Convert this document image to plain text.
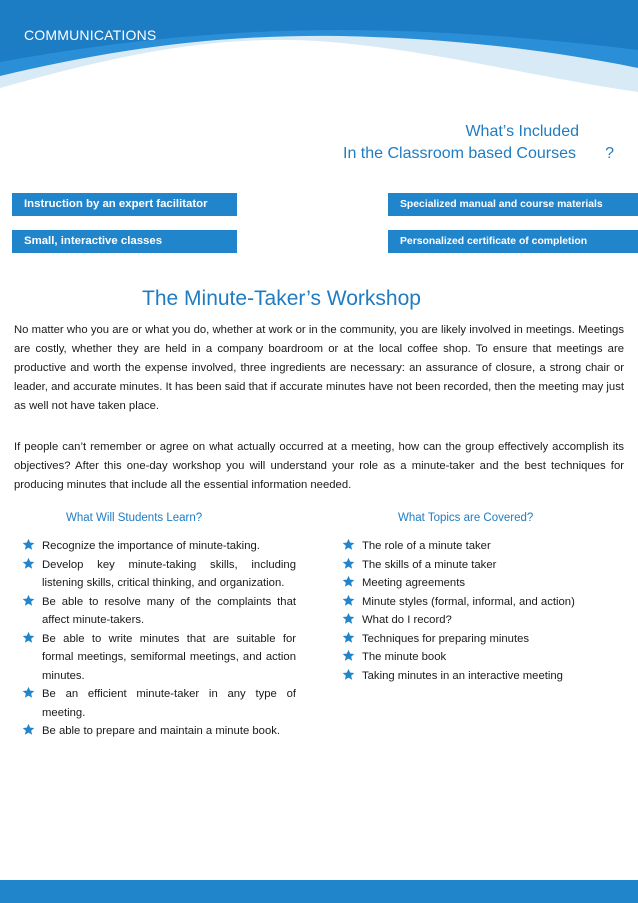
COMMUNICATIONS
What’s Included
In the Classroom based Courses	?
Instruction by an expert facilitator
Small, interactive classes
Specialized manual and course materials
Personalized certificate of completion
The Minute-Taker’s Workshop

No matter who you are or what you do, whether at work or in the community, you are likely involved in meetings. Meetings are costly, whether they are held in a company boardroom or at the local coffee shop. To ensure that meetings are productive and worth the expense involved, three ingredients are necessary: an assurance of closure, a strong chair or leader, and accurate minutes. It has been said that if accurate minutes have not been recorded, then the meeting may just as well not have taken place.

If people can’t remember or agree on what actually occurred at a meeting, how can the group effectively accomplish its objectives? After this one-day workshop you will understand your role as a minute-taker and the best techniques for producing minutes that include all the essential information needed.

What Will Students Learn?	What Topics are Covered?
Recognize the importance of minute-taking.
Develop key minute-taking skills, including listening skills, critical thinking, and organization.
Be able to resolve many of the complaints that affect minute-takers.
Be able to write minutes that are suitable for formal meetings, semiformal meetings, and action minutes.
Be an efficient minute-taker in any type of meeting.
Be able to prepare and maintain a minute book.
The role of a minute taker
The skills of a minute taker
Meeting agreements
Minute styles (formal, informal, and action)
What do I record?
Techniques for preparing minutes
The minute book
Taking minutes in an interactive meeting
